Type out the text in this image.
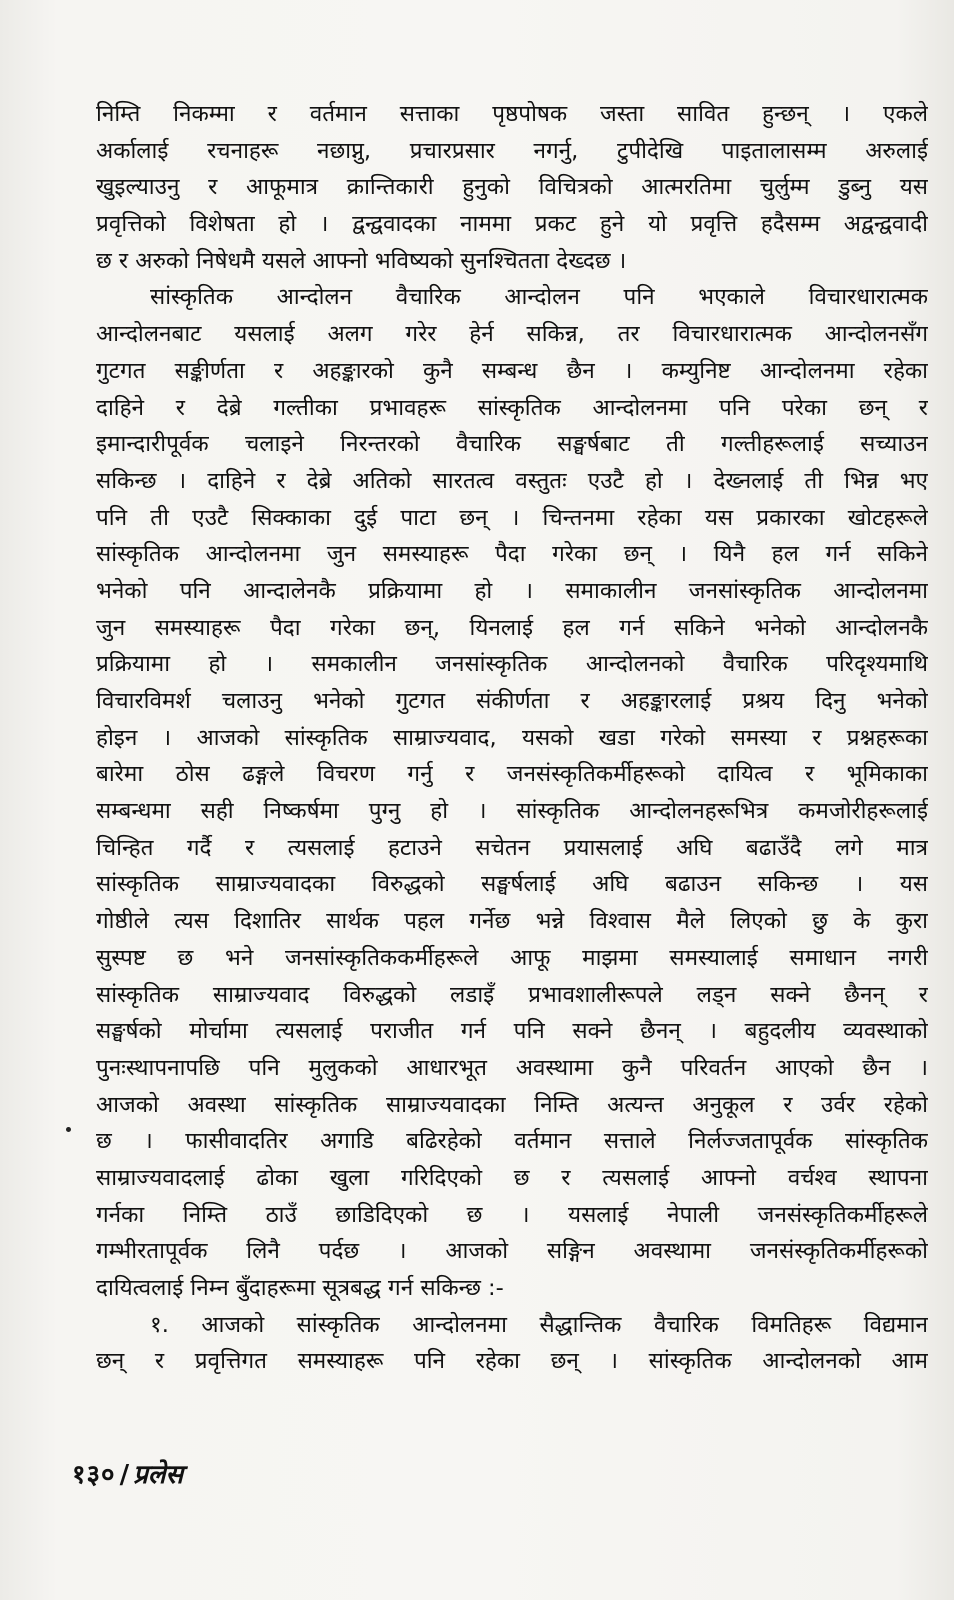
निम्ति निकम्मा र वर्तमान सत्ताका पृष्ठपोषक जस्ता सावित हुन्छन् । एकले
अर्कालाई रचनाहरू नछाप्नु, प्रचारप्रसार नगर्नु, टुपीदेखि पाइतालासम्म अरुलाई
खुइल्याउनु र आफूमात्र क्रान्तिकारी हुनुको विचित्रको आत्मरतिमा चुर्लुम्म डुब्नु यस
प्रवृत्तिको विशेषता हो । द्वन्द्ववादका नाममा प्रकट हुने यो प्रवृत्ति हदैसम्म अद्वन्द्ववादी
छ र अरुको निषेधमै यसले आफ्नो भविष्यको सुनश्चितता देख्दछ ।
सांस्कृतिक आन्दोलन वैचारिक आन्दोलन पनि भएकाले विचारधारात्मक
आन्दोलनबाट यसलाई अलग गरेर हेर्न सकिन्न, तर विचारधारात्मक आन्दोलनसँग
गुटगत सङ्कीर्णता र अहङ्कारको कुनै सम्बन्ध छैन । कम्युनिष्ट आन्दोलनमा रहेका
दाहिने र देब्रे गल्तीका प्रभावहरू सांस्कृतिक आन्दोलनमा पनि परेका छन् र
इमान्दारीपूर्वक चलाइने निरन्तरको वैचारिक सङ्घर्षबाट ती गल्तीहरूलाई सच्याउन
सकिन्छ । दाहिने र देब्रे अतिको सारतत्व वस्तुतः एउटै हो । देख्नलाई ती भिन्न भए
पनि ती एउटै सिक्काका दुई पाटा छन् । चिन्तनमा रहेका यस प्रकारका खोटहरूले
सांस्कृतिक आन्दोलनमा जुन समस्याहरू पैदा गरेका छन् । यिनै हल गर्न सकिने
भनेको पनि आन्दालेनकै प्रक्रियामा हो । समाकालीन जनसांस्कृतिक आन्दोलनमा
जुन समस्याहरू पैदा गरेका छन्, यिनलाई हल गर्न सकिने भनेको आन्दोलनकै
प्रक्रियामा हो । समकालीन जनसांस्कृतिक आन्दोलनको वैचारिक परिदृश्यमाथि
विचारविमर्श चलाउनु भनेको गुटगत संकीर्णता र अहङ्कारलाई प्रश्रय दिनु भनेको
होइन । आजको सांस्कृतिक साम्राज्यवाद, यसको खडा गरेको समस्या र प्रश्नहरूका
बारेमा ठोस ढङ्गले विचरण गर्नु र जनसंस्कृतिकर्मीहरूको दायित्व र भूमिकाका
सम्बन्धमा सही निष्कर्षमा पुग्नु हो । सांस्कृतिक आन्दोलनहरूभित्र कमजोरीहरूलाई
चिन्हित गर्दै र त्यसलाई हटाउने सचेतन प्रयासलाई अघि बढाउँदै लगे मात्र
सांस्कृतिक साम्राज्यवादका विरुद्धको सङ्घर्षलाई अघि बढाउन सकिन्छ । यस
गोष्ठीले त्यस दिशातिर सार्थक पहल गर्नेछ भन्ने विश्वास मैले लिएको छु के कुरा
सुस्पष्ट छ भने जनसांस्कृतिककर्मीहरूले आफू माझमा समस्यालाई समाधान नगरी
सांस्कृतिक साम्राज्यवाद विरुद्धको लडाइँ प्रभावशालीरूपले लड्न सक्ने छैनन् र
सङ्घर्षको मोर्चामा त्यसलाई पराजीत गर्न पनि सक्ने छैनन् । बहुदलीय व्यवस्थाको
पुनःस्थापनापछि पनि मुलुकको आधारभूत अवस्थामा कुनै परिवर्तन आएको छैन ।
आजको अवस्था सांस्कृतिक साम्राज्यवादका निम्ति अत्यन्त अनुकूल र उर्वर रहेको
छ । फासीवादतिर अगाडि बढिरहेको वर्तमान सत्ताले निर्लज्जतापूर्वक सांस्कृतिक
साम्राज्यवादलाई ढोका खुला गरिदिएको छ र त्यसलाई आफ्नो वर्चश्व स्थापना
गर्नका निम्ति ठाउँ छाडिदिएको छ । यसलाई नेपाली जनसंस्कृतिकर्मीहरूले
गम्भीरतापूर्वक लिनै पर्दछ । आजको सङ्गिन अवस्थामा जनसंस्कृतिकर्मीहरूको
दायित्वलाई निम्न बुँदाहरूमा सूत्रबद्ध गर्न सकिन्छ :-
१. आजको सांस्कृतिक आन्दोलनमा सैद्धान्तिक वैचारिक विमतिहरू विद्यमान
छन् र प्रवृत्तिगत समस्याहरू पनि रहेका छन् । सांस्कृतिक आन्दोलनको आम
१३० / प्रलेस
